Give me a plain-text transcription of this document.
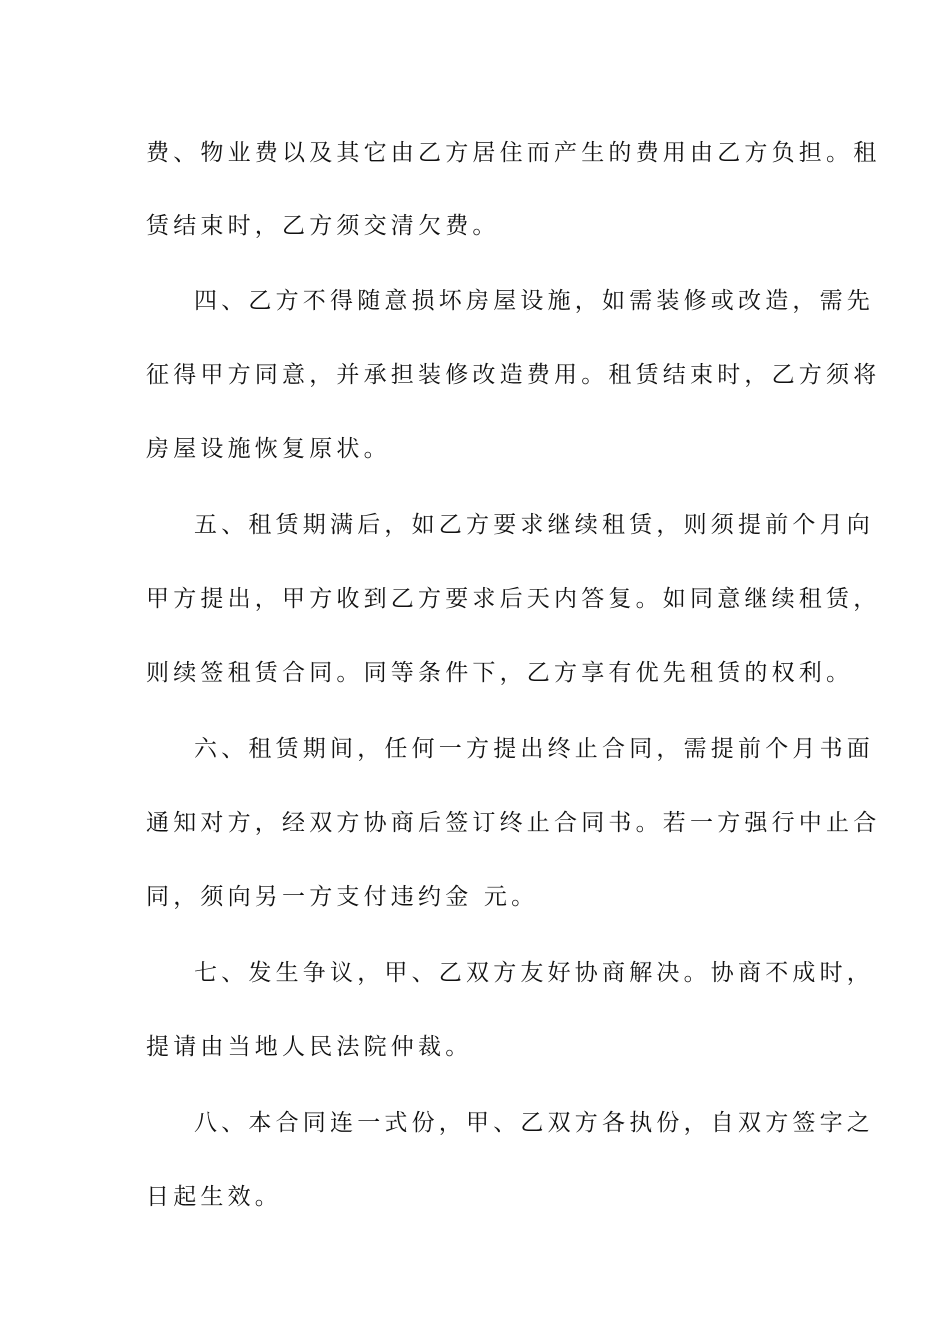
费、物业费以及其它由乙方居住而产生的费用由乙方负担。租
赁结束时，乙方须交清欠费。
四、乙方不得随意损坏房屋设施，如需装修或改造，需先
征得甲方同意，并承担装修改造费用。租赁结束时，乙方须将
房屋设施恢复原状。
五、租赁期满后，如乙方要求继续租赁，则须提前个月向
甲方提出，甲方收到乙方要求后天内答复。如同意继续租赁，
则续签租赁合同。同等条件下，乙方享有优先租赁的权利。
六、租赁期间，任何一方提出终止合同，需提前个月书面
通知对方，经双方协商后签订终止合同书。若一方强行中止合
同，须向另一方支付违约金 元。
七、发生争议，甲、乙双方友好协商解决。协商不成时，
提请由当地人民法院仲裁。
八、本合同连一式份，甲、乙双方各执份，自双方签字之
日起生效。
